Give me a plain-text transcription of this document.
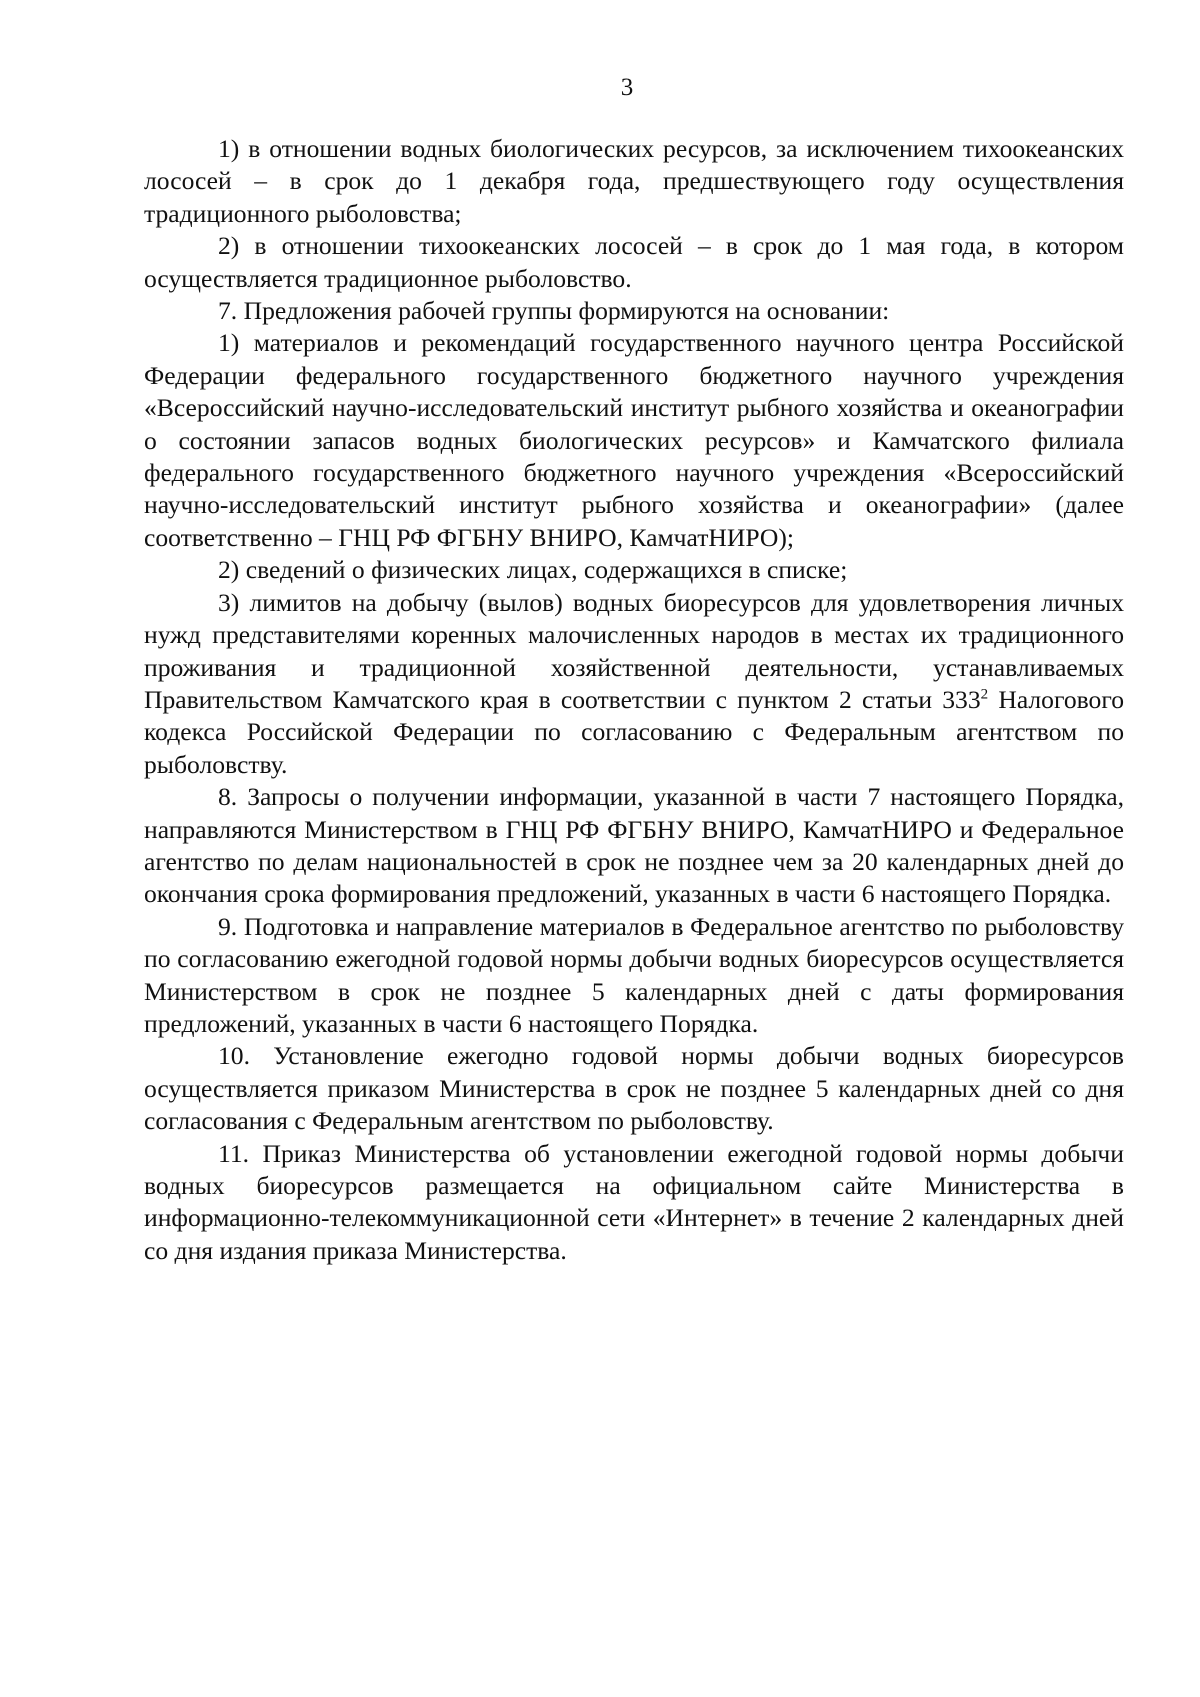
3

1) в отношении водных биологических ресурсов, за исключением тихоокеанских лососей – в срок до 1 декабря года, предшествующего году осуществления традиционного рыболовства;

2) в отношении тихоокеанских лососей – в срок до 1 мая года, в котором осуществляется традиционное рыболовство.

7. Предложения рабочей группы формируются на основании:

1) материалов и рекомендаций государственного научного центра Российской Федерации федерального государственного бюджетного научного учреждения «Всероссийский научно-исследовательский институт рыбного хозяйства и океанографии о состоянии запасов водных биологических ресурсов» и Камчатского филиала федерального государственного бюджетного научного учреждения «Всероссийский научно-исследовательский институт рыбного хозяйства и океанографии» (далее соответственно – ГНЦ РФ ФГБНУ ВНИРО, КамчатНИРО);

2) сведений о физических лицах, содержащихся в списке;

3) лимитов на добычу (вылов) водных биоресурсов для удовлетворения личных нужд представителями коренных малочисленных народов в местах их традиционного проживания и традиционной хозяйственной деятельности, устанавливаемых Правительством Камчатского края в соответствии с пунктом 2 статьи $333^2$ Налогового кодекса Российской Федерации по согласованию с Федеральным агентством по рыболовству.

8. Запросы о получении информации, указанной в части 7 настоящего Порядка, направляются Министерством в ГНЦ РФ ФГБНУ ВНИРО, КамчатНИРО и Федеральное агентство по делам национальностей в срок не позднее чем за 20 календарных дней до окончания срока формирования предложений, указанных в части 6 настоящего Порядка.

9. Подготовка и направление материалов в Федеральное агентство по рыболовству по согласованию ежегодной годовой нормы добычи водных биоресурсов осуществляется Министерством в срок не позднее 5 календарных дней с даты формирования предложений, указанных в части 6 настоящего Порядка.

10. Установление ежегодно годовой нормы добычи водных биоресурсов осуществляется приказом Министерства в срок не позднее 5 календарных дней со дня согласования с Федеральным агентством по рыболовству.

11. Приказ Министерства об установлении ежегодной годовой нормы добычи водных биоресурсов размещается на официальном сайте Министерства в информационно-телекоммуникационной сети «Интернет» в течение 2 календарных дней со дня издания приказа Министерства.
